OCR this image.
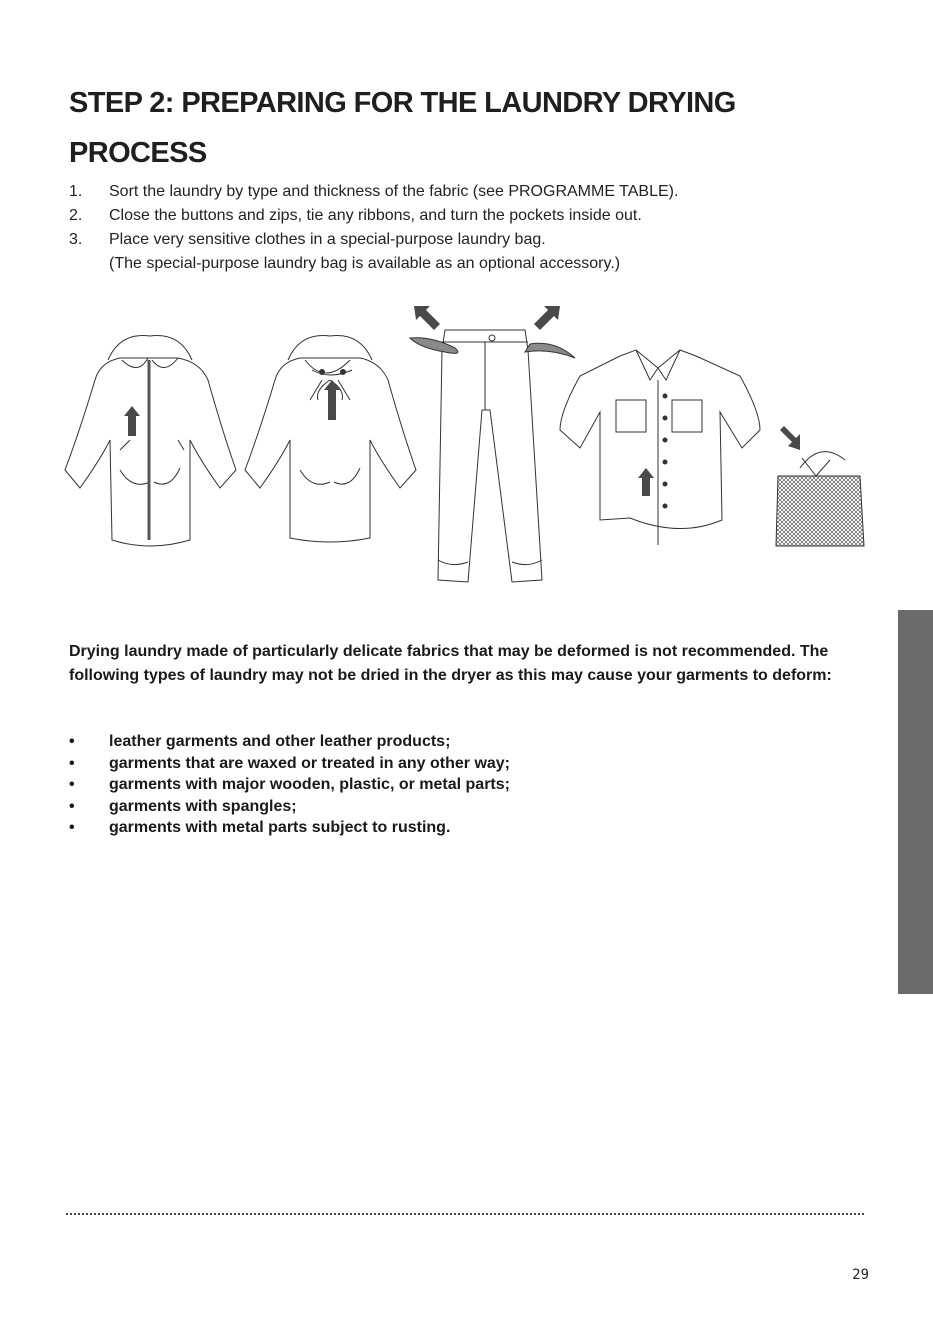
STEP 2: PREPARING FOR THE LAUNDRY DRYING PROCESS
1. Sort the laundry by type and thickness of the fabric (see PROGRAMME TABLE).
2. Close the buttons and zips, tie any ribbons, and turn the pockets inside out.
3. Place very sensitive clothes in a special-purpose laundry bag.
(The special-purpose laundry bag is available as an optional accessory.)

Drying laundry made of particularly delicate fabrics that may be deformed is not recommended. The following types of laundry may not be dried in the dryer as this may cause your garments to deform:

• leather garments and other leather products;
• garments that are waxed or treated in any other way;
• garments with major wooden, plastic, or metal parts;
• garments with spangles;
• garments with metal parts subject to rusting.
29
